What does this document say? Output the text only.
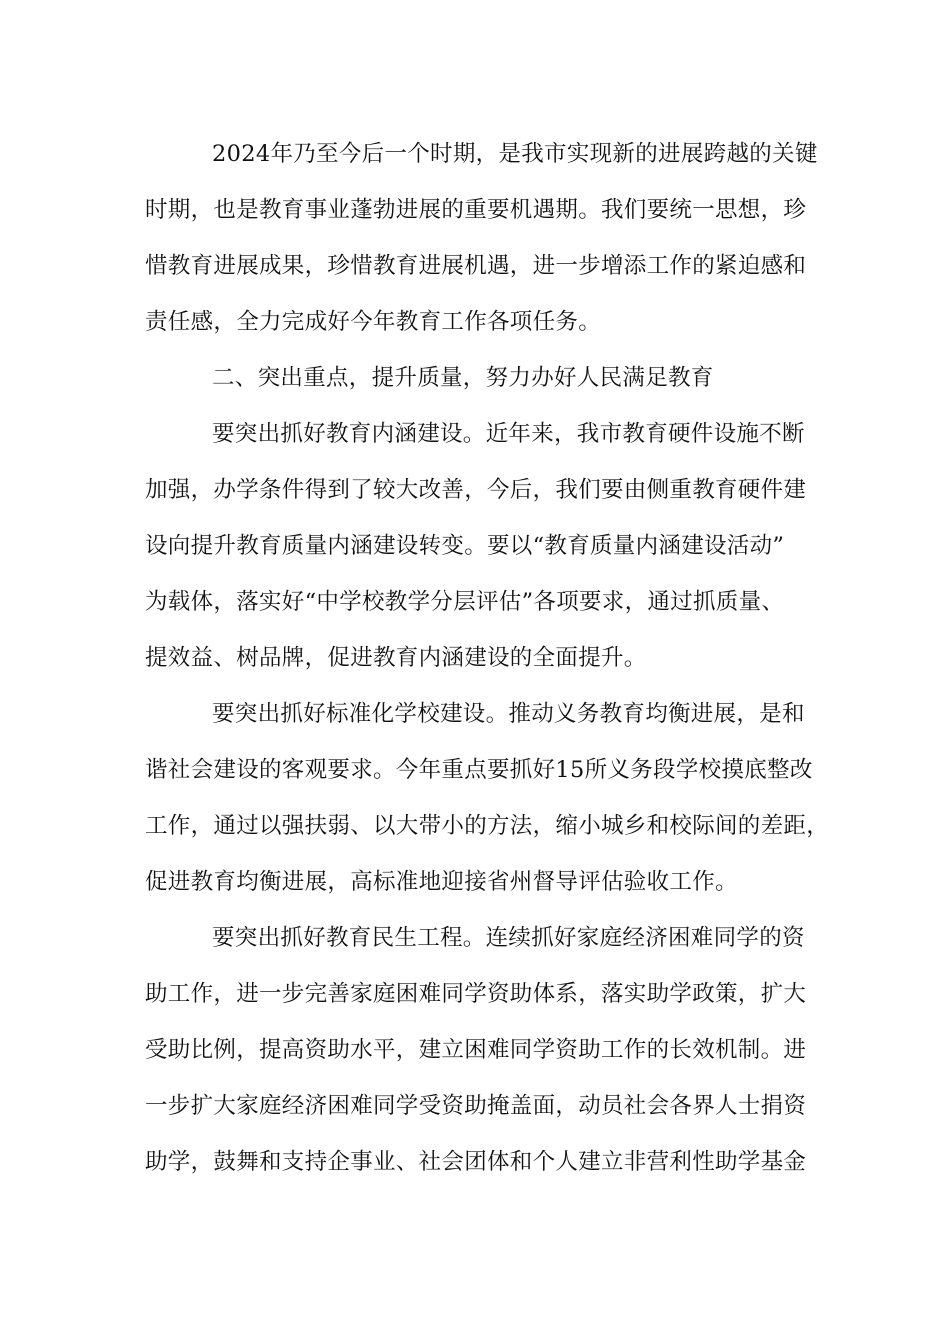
2024年乃至今后一个时期，是我市实现新的进展跨越的关键
时期，也是教育事业蓬勃进展的重要机遇期。我们要统一思想，珍
惜教育进展成果，珍惜教育进展机遇，进一步增添工作的紧迫感和
责任感，全力完成好今年教育工作各项任务。
二、突出重点，提升质量，努力办好人民满足教育
要突出抓好教育内涵建设。近年来，我市教育硬件设施不断
加强，办学条件得到了较大改善，今后，我们要由侧重教育硬件建
设向提升教育质量内涵建设转变。要以“教育质量内涵建设活动”
为载体，落实好“中学校教学分层评估”各项要求，通过抓质量、
提效益、树品牌，促进教育内涵建设的全面提升。
要突出抓好标准化学校建设。推动义务教育均衡进展，是和
谐社会建设的客观要求。今年重点要抓好15所义务段学校摸底整改
工作，通过以强扶弱、以大带小的方法，缩小城乡和校际间的差距，
促进教育均衡进展，高标准地迎接省州督导评估验收工作。
要突出抓好教育民生工程。连续抓好家庭经济困难同学的资
助工作，进一步完善家庭困难同学资助体系，落实助学政策，扩大
受助比例，提高资助水平，建立困难同学资助工作的长效机制。进
一步扩大家庭经济困难同学受资助掩盖面，动员社会各界人士捐资
助学，鼓舞和支持企事业、社会团体和个人建立非营利性助学基金
